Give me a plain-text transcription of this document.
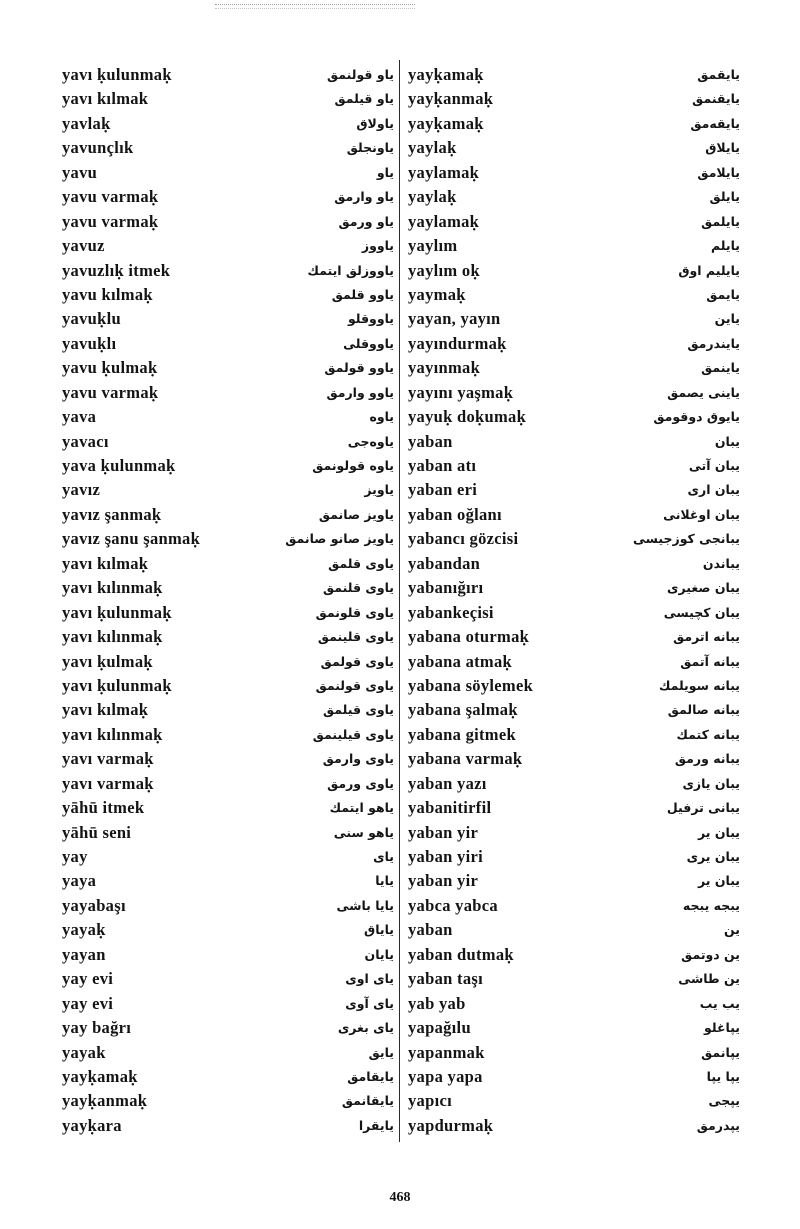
yavı ḳulunmaḳ	یاو قولنمق
yavı kılmak	یاو قیلمق
yavlaḳ	یاولاق
yavunçlık	یاونجلق
yavu	یاو
yavu varmaḳ	یاو وارمق
yavu varmaḳ	یاو ورمق
yavuz	یاووز
yavuzlıḳ itmek	یاووزلق ایتمك
yavu kılmaḳ	یاوو قلمق
yavuḳlu	یاووقلو
yavuḳlı	یاووقلی
yavu ḳulmaḳ	یاوو قولمق
yavu varmaḳ	یاوو وارمق
yava	یاوه
yavacı	یاوه‌جی
yava ḳulunmaḳ	یاوه قولونمق
yavız	یاویز
yavız şanmaḳ	یاویز صانمق
yavız şanu şanmaḳ	یاویز صانو صانمق
yavı kılmaḳ	یاوی قلمق
yavı kılınmaḳ	یاوی قلنمق
yavı ḳulunmaḳ	یاوی قلونمق
yavı kılınmaḳ	یاوی قلینمق
yavı ḳulmaḳ	یاوی قولمق
yavı ḳulunmaḳ	یاوی قولنمق
yavı kılmaḳ	یاوی قیلمق
yavı kılınmaḳ	یاوی قیلینمق
yavı varmaḳ	یاوی وارمق
yavı varmaḳ	یاوی ورمق
yāhū itmek	یاهو ایتمك
yāhū seni	یاهو سنی
yay	یای
yaya	یایا
yayabaşı	یایا باشی
yayaḳ	یایاق
yayan	یایان
yay evi	یای اوی
yay evi	یای آوی
yay bağrı	یای بغری
yayak	یایق
yayḳamaḳ	یایقامق
yayḳanmaḳ	یایقانمق
yayḳara	یایقرا
yayḳamaḳ	یایقمق
yayḳanmaḳ	یایقنمق
yayḳamaḳ	یایقه‌مق
yaylaḳ	یایلاق
yaylamaḳ	یایلامق
yaylaḳ	یایلق
yaylamaḳ	یایلمق
yaylım	یایلم
yaylım oḳ	یایلیم اوق
yaymaḳ	یایمق
yayan, yayın	یاین
yayındurmaḳ	یایندرمق
yayınmaḳ	یاینمق
yayını yaşmaḳ	یاینی یصمق
yayuḳ doḳumaḳ	یایوق دوقومق
yaban	یبان
yaban atı	یبان آتی
yaban eri	یبان اری
yaban oğlanı	یبان اوغلانی
yabancı gözcisi	یبانجی کوزجیسی
yabandan	یباندن
yabanığırı	یبان صغیری
yabankeçisi	یبان کچیسی
yabana oturmaḳ	یبانه اترمق
yabana atmaḳ	یبانه آتمق
yabana söylemek	یبانه سویلمك
yabana şalmaḳ	یبانه صالمق
yabana gitmek	یبانه کتمك
yabana varmaḳ	یبانه ورمق
yaban yazı	یبان یازی
yabanitirfil	یبانی ترفیل
yaban yir	یبان یر
yaban yiri	یبان یری
yaban yir	یبان یر
yabca yabca	یبجه یبجه
yaban	ین
yaban dutmaḳ	ین دوتمق
yaban taşı	ین طاشی
yab yab	یب یب
yapağılu	یپاغلو
yapanmak	یپانمق
yapa yapa	یپا یپا
yapıcı	یپجی
yapdurmaḳ	یپدرمق
468
